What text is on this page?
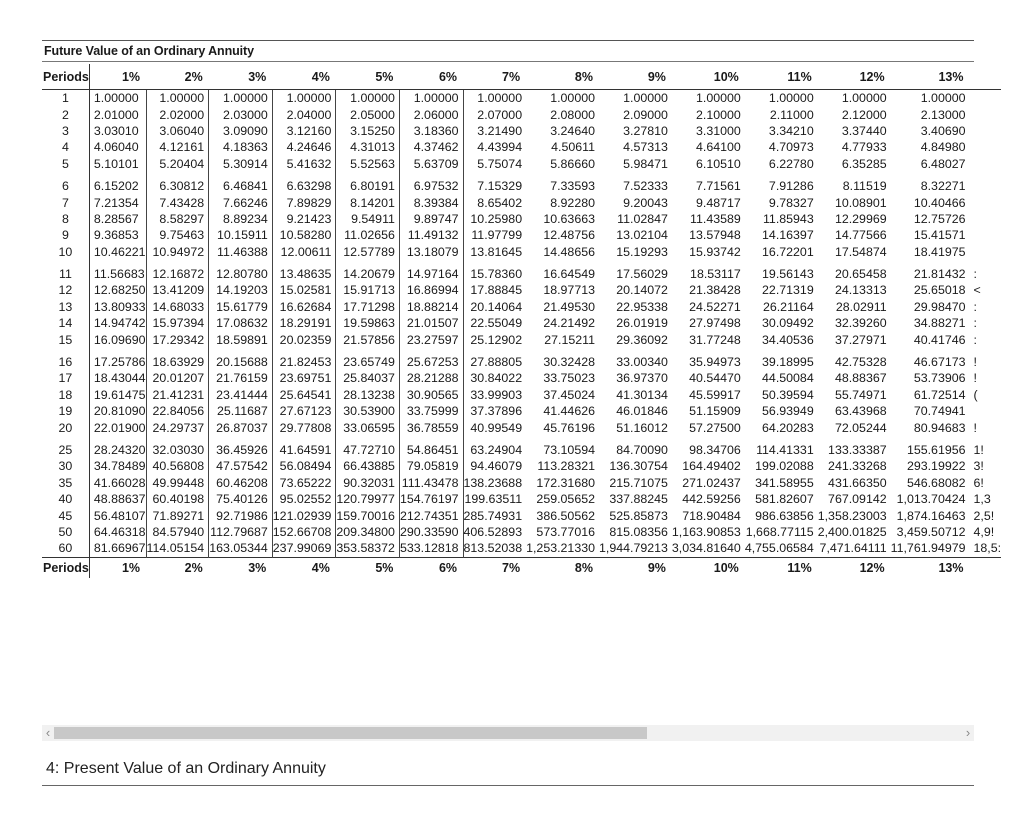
Future Value of an Ordinary Annuity
Periods	1%	2%	3%	4%	5%	6%	7%	8%	9%	10%	11%	12%	13%	
1	1.00000	1.00000	1.00000	1.00000	1.00000	1.00000	1.00000	1.00000	1.00000	1.00000	1.00000	1.00000	1.00000	
2	2.01000	2.02000	2.03000	2.04000	2.05000	2.06000	2.07000	2.08000	2.09000	2.10000	2.11000	2.12000	2.13000	
3	3.03010	3.06040	3.09090	3.12160	3.15250	3.18360	3.21490	3.24640	3.27810	3.31000	3.34210	3.37440	3.40690	
4	4.06040	4.12161	4.18363	4.24646	4.31013	4.37462	4.43994	4.50611	4.57313	4.64100	4.70973	4.77933	4.84980	
5	5.10101	5.20404	5.30914	5.41632	5.52563	5.63709	5.75074	5.86660	5.98471	6.10510	6.22780	6.35285	6.48027	
6	6.15202	6.30812	6.46841	6.63298	6.80191	6.97532	7.15329	7.33593	7.52333	7.71561	7.91286	8.11519	8.32271	
7	7.21354	7.43428	7.66246	7.89829	8.14201	8.39384	8.65402	8.92280	9.20043	9.48717	9.78327	10.08901	10.40466	
8	8.28567	8.58297	8.89234	9.21423	9.54911	9.89747	10.25980	10.63663	11.02847	11.43589	11.85943	12.29969	12.75726	
9	9.36853	9.75463	10.15911	10.58280	11.02656	11.49132	11.97799	12.48756	13.02104	13.57948	14.16397	14.77566	15.41571	
10	10.46221	10.94972	11.46388	12.00611	12.57789	13.18079	13.81645	14.48656	15.19293	15.93742	16.72201	17.54874	18.41975	
11	11.56683	12.16872	12.80780	13.48635	14.20679	14.97164	15.78360	16.64549	17.56029	18.53117	19.56143	20.65458	21.81432	:
12	12.68250	13.41209	14.19203	15.02581	15.91713	16.86994	17.88845	18.97713	20.14072	21.38428	22.71319	24.13313	25.65018	<
13	13.80933	14.68033	15.61779	16.62684	17.71298	18.88214	20.14064	21.49530	22.95338	24.52271	26.21164	28.02911	29.98470	:
14	14.94742	15.97394	17.08632	18.29191	19.59863	21.01507	22.55049	24.21492	26.01919	27.97498	30.09492	32.39260	34.88271	:
15	16.09690	17.29342	18.59891	20.02359	21.57856	23.27597	25.12902	27.15211	29.36092	31.77248	34.40536	37.27971	40.41746	:
16	17.25786	18.63929	20.15688	21.82453	23.65749	25.67253	27.88805	30.32428	33.00340	35.94973	39.18995	42.75328	46.67173	!
17	18.43044	20.01207	21.76159	23.69751	25.84037	28.21288	30.84022	33.75023	36.97370	40.54470	44.50084	48.88367	53.73906	!
18	19.61475	21.41231	23.41444	25.64541	28.13238	30.90565	33.99903	37.45024	41.30134	45.59917	50.39594	55.74971	61.72514	(
19	20.81090	22.84056	25.11687	27.67123	30.53900	33.75999	37.37896	41.44626	46.01846	51.15909	56.93949	63.43968	70.74941	
20	22.01900	24.29737	26.87037	29.77808	33.06595	36.78559	40.99549	45.76196	51.16012	57.27500	64.20283	72.05244	80.94683	!
25	28.24320	32.03030	36.45926	41.64591	47.72710	54.86451	63.24904	73.10594	84.70090	98.34706	114.41331	133.33387	155.61956	1!
30	34.78489	40.56808	47.57542	56.08494	66.43885	79.05819	94.46079	113.28321	136.30754	164.49402	199.02088	241.33268	293.19922	3!
35	41.66028	49.99448	60.46208	73.65222	90.32031	111.43478	138.23688	172.31680	215.71075	271.02437	341.58955	431.66350	546.68082	6!
40	48.88637	60.40198	75.40126	95.02552	120.79977	154.76197	199.63511	259.05652	337.88245	442.59256	581.82607	767.09142	1,013.70424	1,3
45	56.48107	71.89271	92.71986	121.02939	159.70016	212.74351	285.74931	386.50562	525.85873	718.90484	986.63856	1,358.23003	1,874.16463	2,5!
50	64.46318	84.57940	112.79687	152.66708	209.34800	290.33590	406.52893	573.77016	815.08356	1,163.90853	1,668.77115	2,400.01825	3,459.50712	4,9!
60	81.66967	114.05154	163.05344	237.99069	353.58372	533.12818	813.52038	1,253.21330	1,944.79213	3,034.81640	4,755.06584	7,471.64111	11,761.94979	18,5:
Periods	1%	2%	3%	4%	5%	6%	7%	8%	9%	10%	11%	12%	13%	
‹	›
4: Present Value of an Ordinary Annuity
